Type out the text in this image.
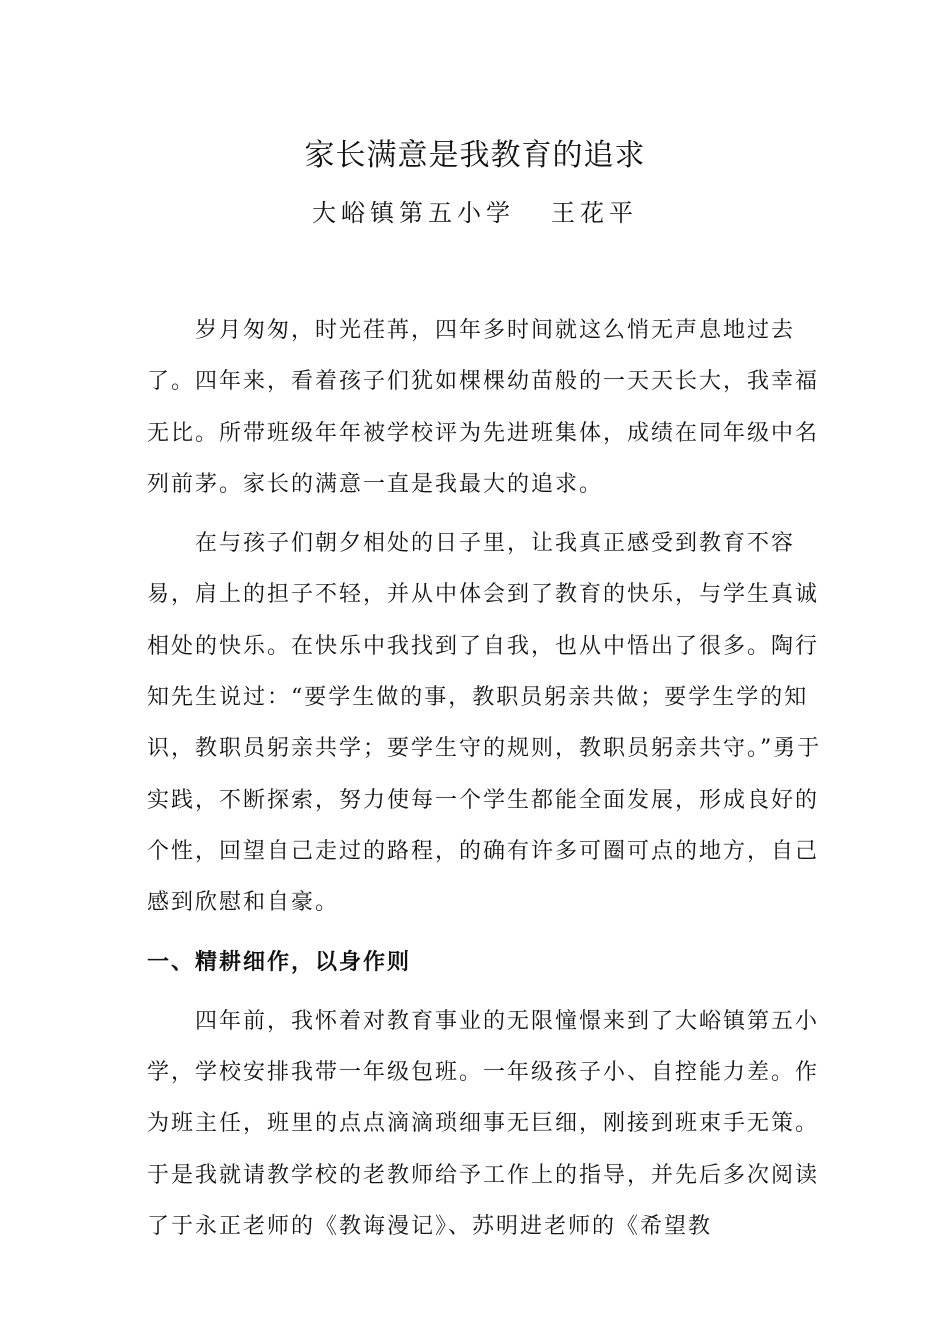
家长满意是我教育的追求
大峪镇第五小学 王花平

岁月匆匆，时光荏苒，四年多时间就这么悄无声息地过去了。四年来，看着孩子们犹如棵棵幼苗般的一天天长大，我幸福无比。所带班级年年被学校评为先进班集体，成绩在同年级中名列前茅。家长的满意一直是我最大的追求。

在与孩子们朝夕相处的日子里，让我真正感受到教育不容易，肩上的担子不轻，并从中体会到了教育的快乐，与学生真诚相处的快乐。在快乐中我找到了自我，也从中悟出了很多。陶行知先生说过：“要学生做的事，教职员躬亲共做；要学生学的知识，教职员躬亲共学；要学生守的规则，教职员躬亲共守。”勇于实践，不断探索，努力使每一个学生都能全面发展，形成良好的个性，回望自己走过的路程，的确有许多可圈可点的地方，自己感到欣慰和自豪。

一、精耕细作，以身作则

四年前，我怀着对教育事业的无限憧憬来到了大峪镇第五小学，学校安排我带一年级包班。一年级孩子小、自控能力差。作为班主任，班里的点点滴滴琐细事无巨细，刚接到班束手无策。于是我就请教学校的老教师给予工作上的指导，并先后多次阅读了于永正老师的《教诲漫记》、苏明进老师的《希望教
